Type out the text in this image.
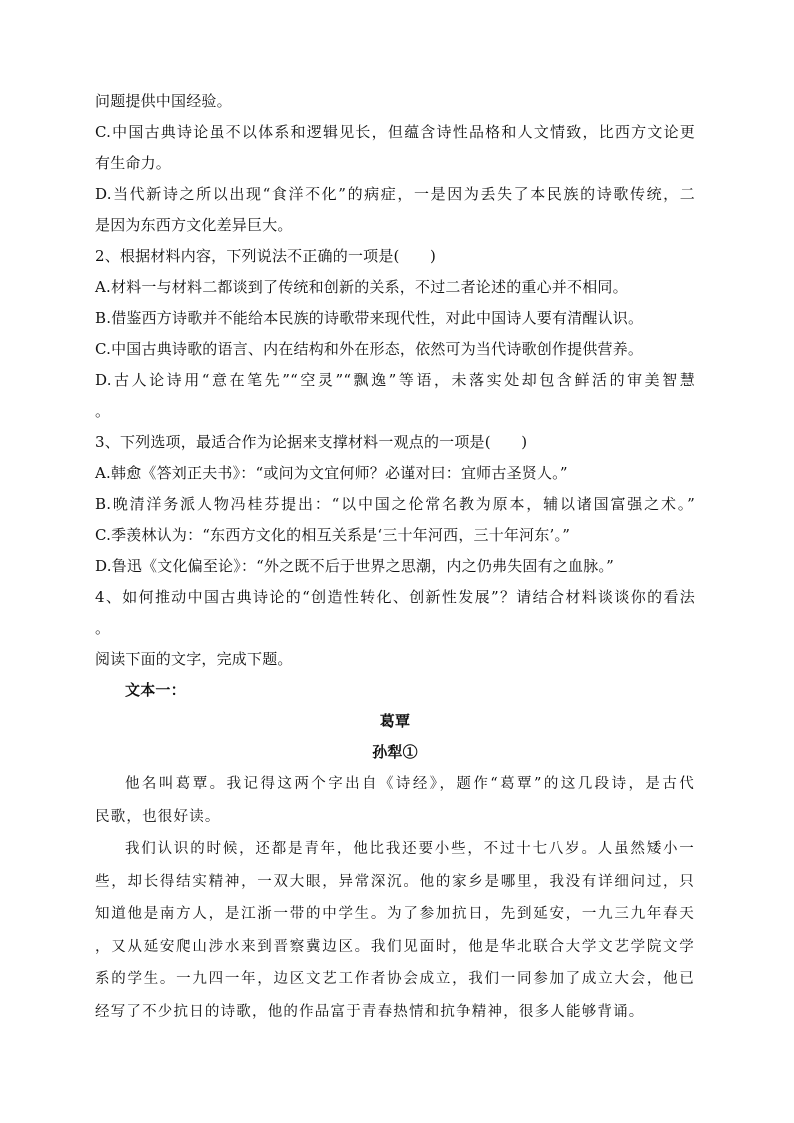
问题提供中国经验。
C.中国古典诗论虽不以体系和逻辑见长，但蕴含诗性品格和人文情致，比西方文论更
有生命力。
D.当代新诗之所以出现“食洋不化”的病症，一是因为丢失了本民族的诗歌传统，二
是因为东西方文化差异巨大。
2、根据材料内容，下列说法不正确的一项是(　　)
A.材料一与材料二都谈到了传统和创新的关系，不过二者论述的重心并不相同。
B.借鉴西方诗歌并不能给本民族的诗歌带来现代性，对此中国诗人要有清醒认识。
C.中国古典诗歌的语言、内在结构和外在形态，依然可为当代诗歌创作提供营养。
D.古人论诗用“意在笔先”“空灵”“飘逸”等语，未落实处却包含鲜活的审美智慧
。
3、下列选项，最适合作为论据来支撑材料一观点的一项是(　　)
A.韩愈《答刘正夫书》：“或问为文宜何师？必谨对曰：宜师古圣贤人。”
B.晚清洋务派人物冯桂芬提出：“以中国之伦常名教为原本，辅以诸国富强之术。”
C.季羡林认为：“东西方文化的相互关系是‘三十年河西，三十年河东’。”
D.鲁迅《文化偏至论》：“外之既不后于世界之思潮，内之仍弗失固有之血脉。”
4、如何推动中国古典诗论的“创造性转化、创新性发展”？请结合材料谈谈你的看法
。
阅读下面的文字，完成下题。
文本一：
葛覃
孙犁①
他名叫葛覃。我记得这两个字出自《诗经》，题作“葛覃”的这几段诗，是古代
民歌，也很好读。
我们认识的时候，还都是青年，他比我还要小些，不过十七八岁。人虽然矮小一
些，却长得结实精神，一双大眼，异常深沉。他的家乡是哪里，我没有详细问过，只
知道他是南方人，是江浙一带的中学生。为了参加抗日，先到延安，一九三九年春天
，又从延安爬山涉水来到晋察冀边区。我们见面时，他是华北联合大学文艺学院文学
系的学生。一九四一年，边区文艺工作者协会成立，我们一同参加了成立大会，他已
经写了不少抗日的诗歌，他的作品富于青春热情和抗争精神，很多人能够背诵。
